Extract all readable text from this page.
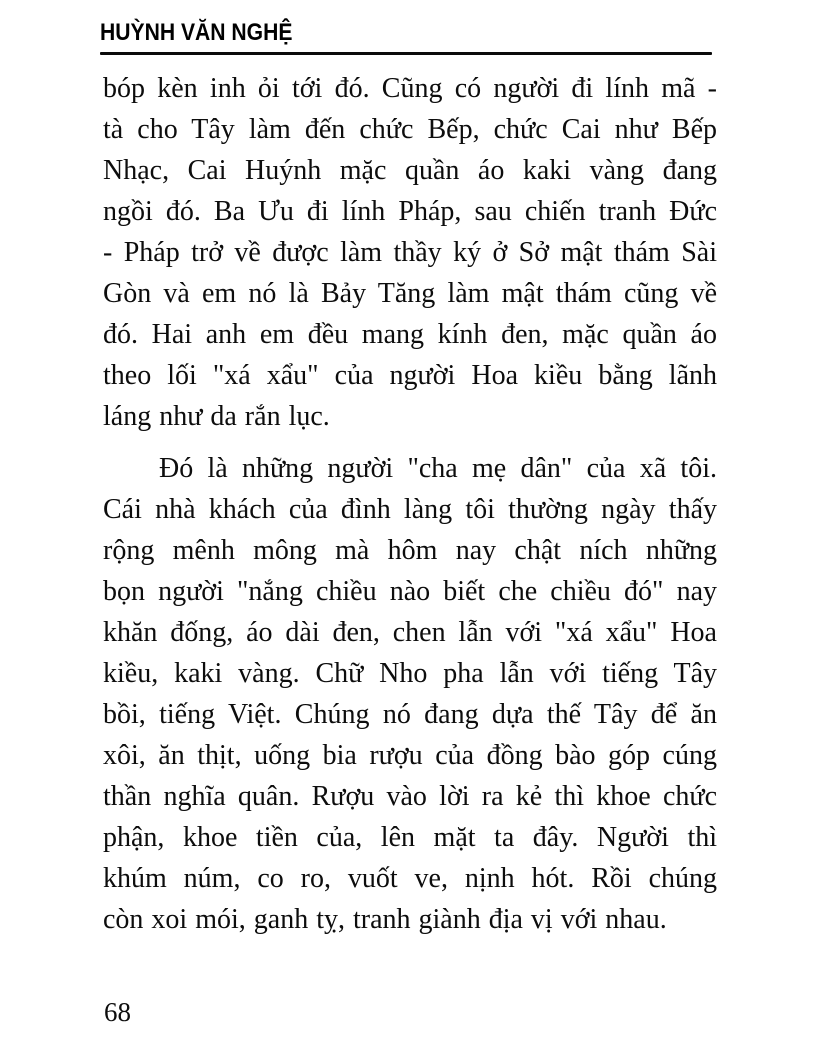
HUỲNH VĂN NGHỆ
bóp kèn inh ỏi tới đó. Cũng có người đi lính mã -
tà cho Tây làm đến chức Bếp, chức Cai như Bếp
Nhạc, Cai Huýnh mặc quần áo kaki vàng đang
ngồi đó. Ba Ưu đi lính Pháp, sau chiến tranh Đức
- Pháp trở về được làm thầy ký ở Sở mật thám Sài
Gòn và em nó là Bảy Tăng làm mật thám cũng về
đó. Hai anh em đều mang kính đen, mặc quần áo
theo lối "xá xẩu" của người Hoa kiều bằng lãnh
láng như da rắn lục.
Đó là những người "cha mẹ dân" của xã tôi.
Cái nhà khách của đình làng tôi thường ngày thấy
rộng mênh mông mà hôm nay chật ních những
bọn người "nắng chiều nào biết che chiều đó" nay
khăn đống, áo dài đen, chen lẫn với "xá xẩu" Hoa
kiều, kaki vàng. Chữ Nho pha lẫn với tiếng Tây
bồi, tiếng Việt. Chúng nó đang dựa thế Tây để ăn
xôi, ăn thịt, uống bia rượu của đồng bào góp cúng
thần nghĩa quân. Rượu vào lời ra kẻ thì khoe chức
phận, khoe tiền của, lên mặt ta đây. Người thì
khúm núm, co ro, vuốt ve, nịnh hót. Rồi chúng
còn xoi mói, ganh tỵ, tranh giành địa vị với nhau.
68
